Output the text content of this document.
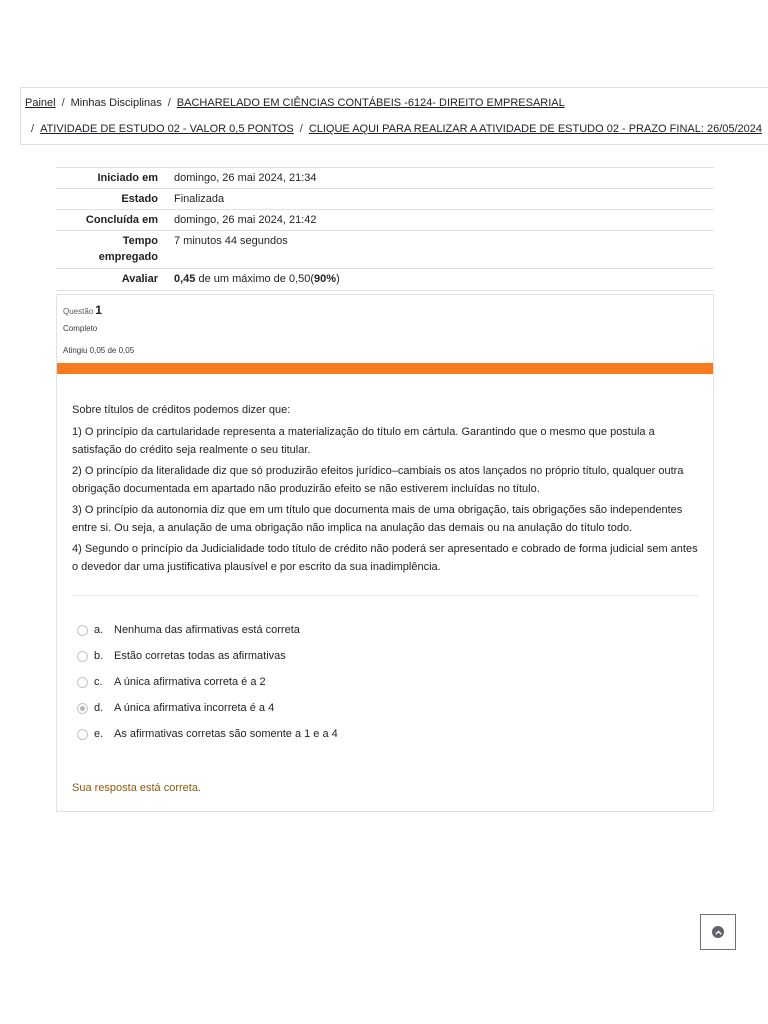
Painel / Minhas Disciplinas / BACHARELADO EM CIÊNCIAS CONTÁBEIS -6124- DIREITO EMPRESARIAL
/ ATIVIDADE DE ESTUDO 02 - VALOR 0,5 PONTOS / CLIQUE AQUI PARA REALIZAR A ATIVIDADE DE ESTUDO 02 - PRAZO FINAL: 26/05/2024
Iniciado em	domingo, 26 mai 2024, 21:34
Estado	Finalizada
Concluída em	domingo, 26 mai 2024, 21:42
Tempo
empregado	7 minutos 44 segundos
Avaliar	0,45 de um máximo de 0,50(90%)
Questão 1
Completo
Atingiu 0,05 de 0,05

Sobre títulos de créditos podemos dizer que:

1) O princípio da cartularidade representa a materialização do título em cártula. Garantindo que o mesmo que postula a satisfação do crédito seja realmente o seu titular.

2) O princípio da literalidade diz que só produzirão efeitos jurídico–cambiais os atos lançados no próprio título, qualquer outra obrigação documentada em apartado não produzirão efeito se não estiverem incluídas no título.

3) O princípio da autonomia diz que em um título que documenta mais de uma obrigação, tais obrigações são independentes entre si. Ou seja, a anulação de uma obrigação não implica na anulação das demais ou na anulação do título todo.

4) Segundo o princípio da Judicialidade todo título de crédito não poderá ser apresentado e cobrado de forma judicial sem antes o devedor dar uma justificativa plausível e por escrito da sua inadimplência.

a. Nenhuma das afirmativas está correta
b. Estão corretas todas as afirmativas
c.	A única afirmativa correta é a 2
d. A única afirmativa incorreta é a 4
e. As afirmativas corretas são somente a 1 e a 4
Sua resposta está correta.
